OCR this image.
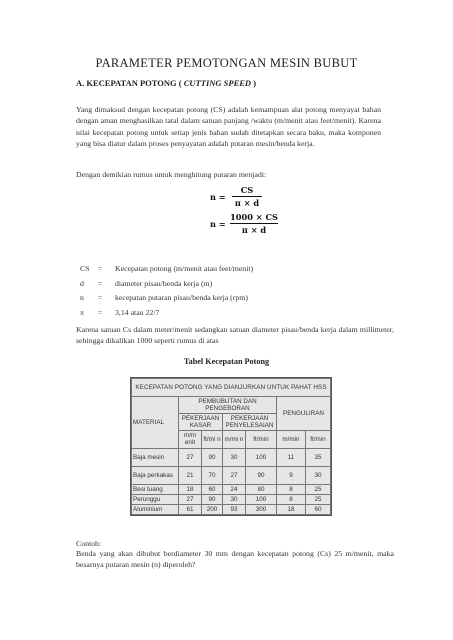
PARAMETER PEMOTONGAN MESIN BUBUT
A. KECEPATAN POTONG ( CUTTING SPEED )
Yang dimaksud dengan kecepatan potong (CS) adalah kemampuan alat potong menyayat bahan dengan aman menghasilkan tatal dalam satuan panjang /waktu (m/menit atau feet/menit). Karena nilai kecepatan potong untuk setiap jenis bahan sudah ditetapkan secara baku, maka komponen yang bisa diatur dalam proses penyayatan adalah putaran mesin/benda kerja.
Dengan demikian rumus untuk menghitung putaran menjadi:
n =
CS
π × d
n =
1000 × CS
π × d
CS	=	Kecepatan potong (m/menit atau feet/menit)
d	=	diameter pisau/benda kerja (m)
n	=	kecepatan putaran pisau/benda kerja (rpm)
π	=	3,14 atau 22/7
Karena satuan Cs dalam meter/menit sedangkan satuan diameter pisau/benda kerja dalam millimeter, sehingga dikalikan 1000 seperti rumus di atas
Tabel Kecepatan Potong
KECEPATAN POTONG YANG DIANJURKAN UNTUK PAHAT HSS						
MATERIAL	PEMBUBUTAN DAN PENGEBORAN				PENGULIRAN	
	PEKERJAAN KASAR		PEKERJAAN PENYELESAIAN			
	m/m enit	ft/mi n	m/mi n	ft/min	m/min	ft/min
Baja mesin	27	90	30	100	11	35
Baja perkakas	21	70	27	90	9	30
Besi tuang	18	60	24	80	8	25
Perunggu	27	90	30	100	8	25
Aluminium	61	200	93	300	18	60
Contoh:
Benda yang akan dibubut berdiameter 30 mm dengan kecepatan potong (Cs) 25 m/menit, maka besarnya putaran mesin (n) diperoleh?
